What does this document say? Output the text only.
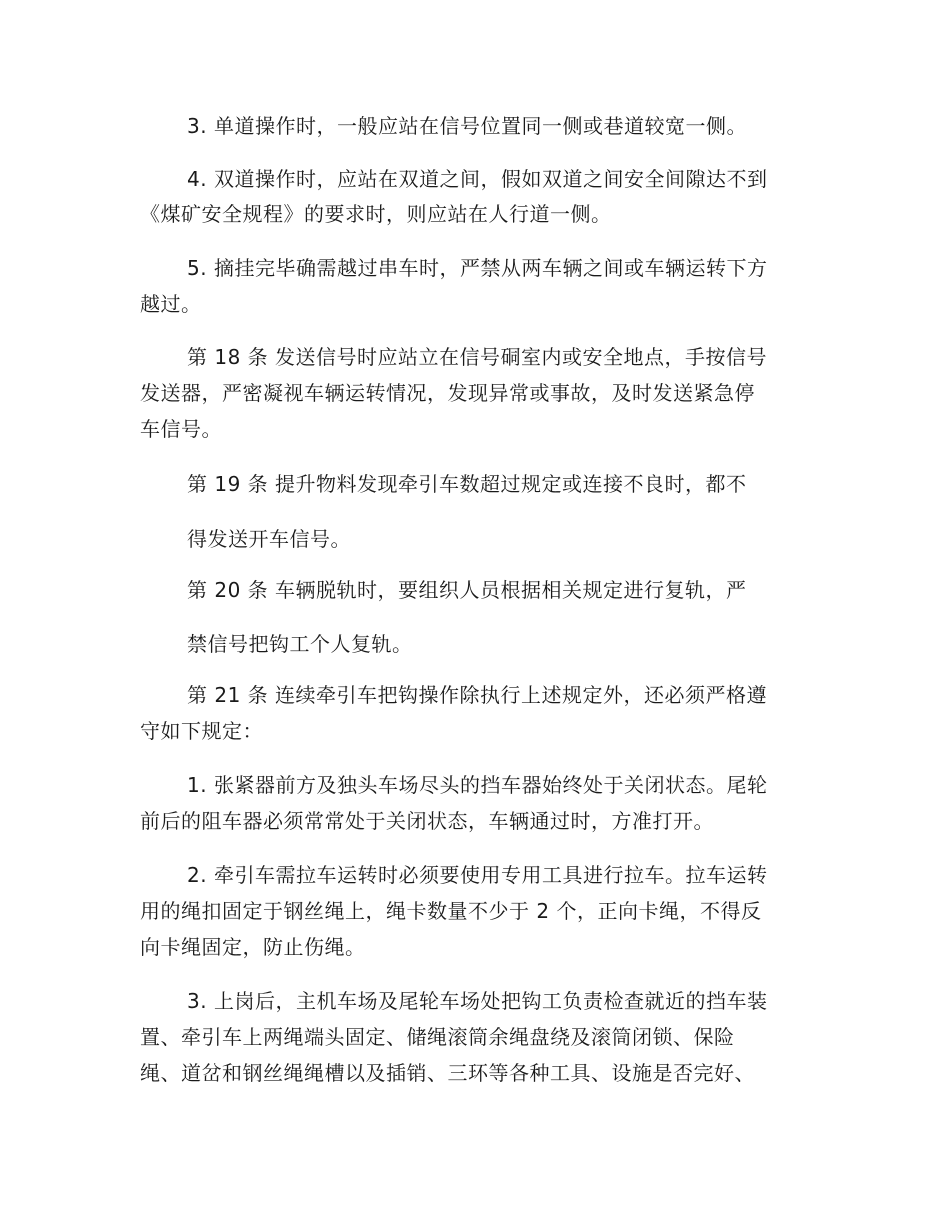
3. 单道操作时，一般应站在信号位置同一侧或巷道较宽一侧。
4. 双道操作时，应站在双道之间，假如双道之间安全间隙达不到
《煤矿安全规程》的要求时，则应站在人行道一侧。
5. 摘挂完毕确需越过串车时，严禁从两车辆之间或车辆运转下方
越过。
第 18 条 发送信号时应站立在信号硐室内或安全地点，手按信号
发送器，严密凝视车辆运转情况，发现异常或事故，及时发送紧急停
车信号。
第 19 条 提升物料发现牵引车数超过规定或连接不良时，都不
得发送开车信号。
第 20 条 车辆脱轨时，要组织人员根据相关规定进行复轨，严
禁信号把钩工个人复轨。
第 21 条 连续牵引车把钩操作除执行上述规定外，还必须严格遵
守如下规定：
1. 张紧器前方及独头车场尽头的挡车器始终处于关闭状态。尾轮
前后的阻车器必须常常处于关闭状态，车辆通过时，方准打开。
2. 牵引车需拉车运转时必须要使用专用工具进行拉车。拉车运转
用的绳扣固定于钢丝绳上，绳卡数量不少于 2 个，正向卡绳，不得反
向卡绳固定，防止伤绳。
3. 上岗后，主机车场及尾轮车场处把钩工负责检查就近的挡车装
置、牵引车上两绳端头固定、储绳滚筒余绳盘绕及滚筒闭锁、保险
绳、道岔和钢丝绳绳槽以及插销、三环等各种工具、设施是否完好、
